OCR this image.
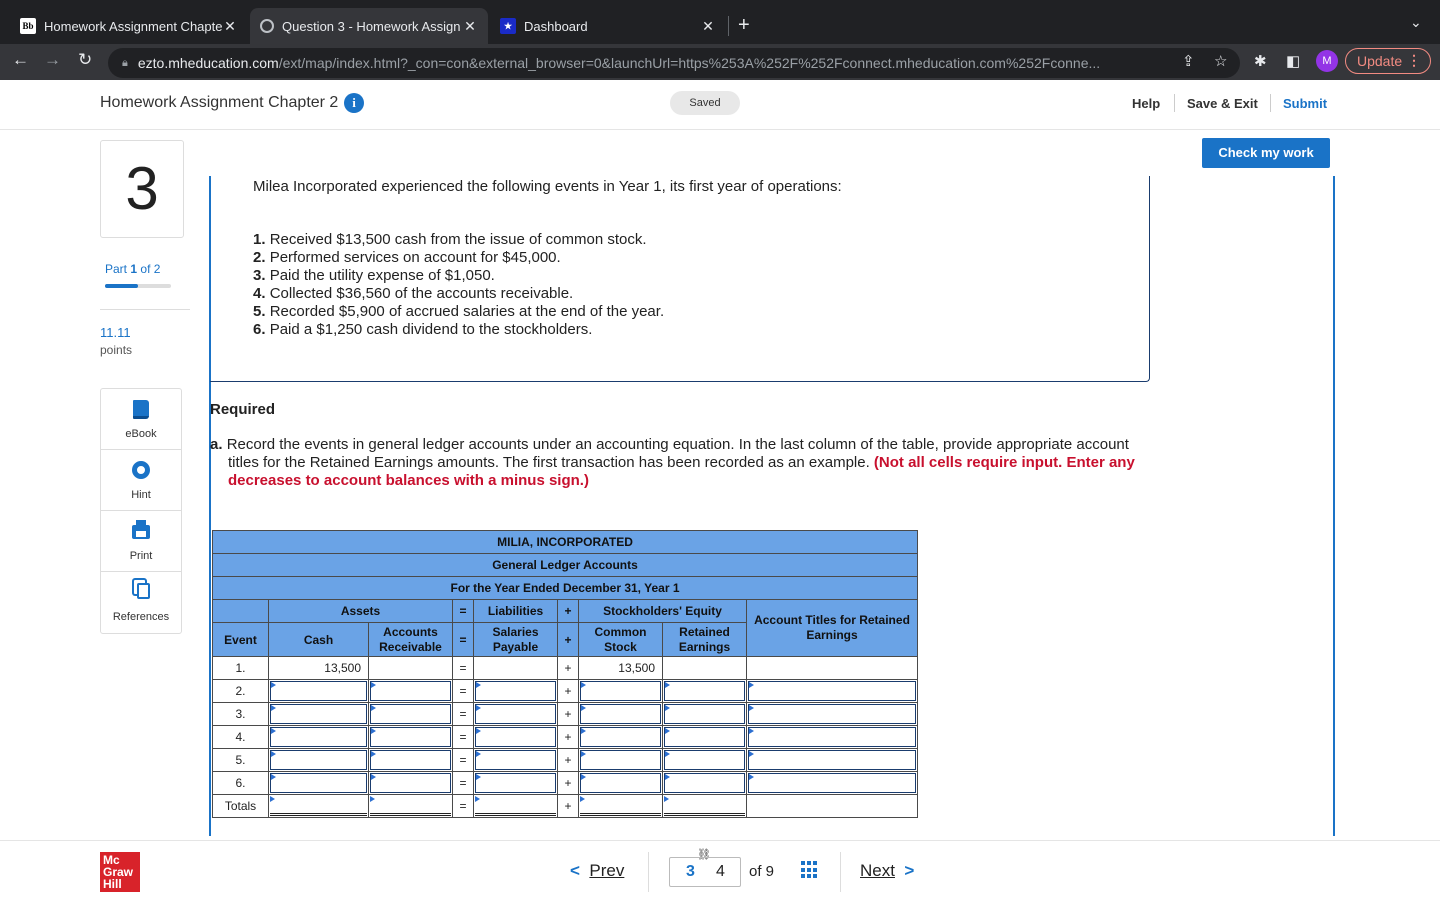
Bb Homework Assignment Chapte ✕	Question 3 - Homework Assign ✕	★ Dashboard	✕ +	⌄
← → ↻	🔒︎ ezto.mheducation.com /ext/map/index.html?_con=con&external_browser=0&launchUrl=https%253A%252F%252Fconnect.mheducation.com%252Fconne...	⇪ ☆ ✱ ◧	M	Update ⋮
Homework Assignment Chapter 2	i	Saved	Help Save & Exit Submit
3
Part 1 of 2
11.11
points
eBook
Hint
Print
References
Mc
Graw
Hill
Check my work

Milea Incorporated experienced the following events in Year 1, its first year of operations:

1. Received $13,500 cash from the issue of common stock.
2. Performed services on account for $45,000.
3. Paid the utility expense of $1,050.
4. Collected $36,560 of the accounts receivable.
5. Recorded $5,900 of accrued salaries at the end of the year.
6. Paid a $1,250 cash dividend to the stockholders.
Required

a. Record the events in general ledger accounts under an accounting equation. In the last column of the table, provide appropriate account titles for the Retained Earnings amounts. The first transaction has been recorded as an example. (Not all cells require input. Enter any decreases to account balances with a minus sign.)

MILIA, INCORPORATED								
General Ledger Accounts								
For the Year Ended December 31, Year 1								
	Assets		=	Liabilities	+	Stockholders' Equity		Account Titles for Retained Earnings
Event	Cash	Accounts Receivable	=	Salaries Payable	+	Common Stock	Retained Earnings	
1.	13,500		=		+	13,500		
2.			=		+	

3.			=		+	

4.			=		+	

5.			=		+	

6.			=		+	

Totals			=		+	

< Prev
⛓
3 4 of 9	Next >
